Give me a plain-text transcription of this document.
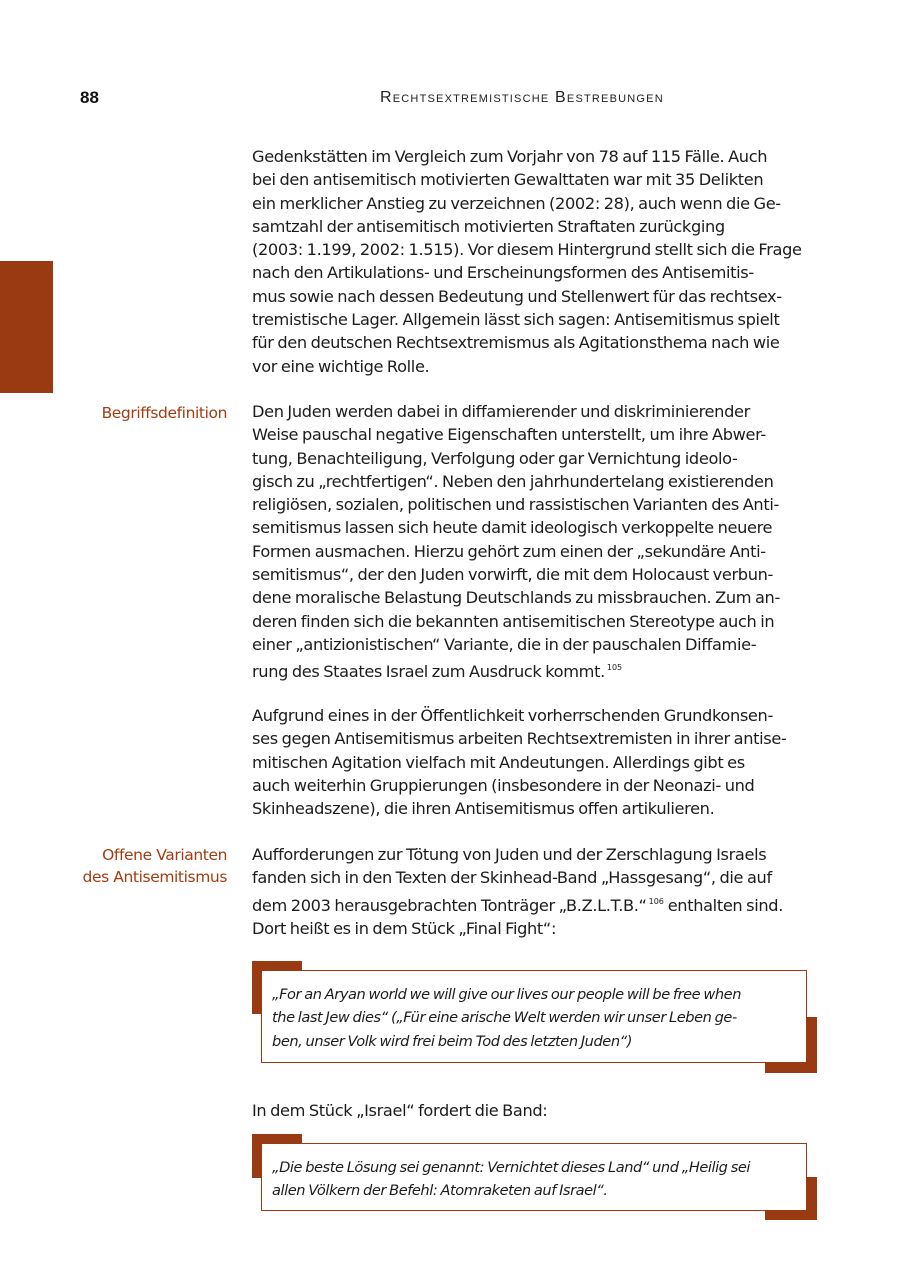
88	Rechtsextremistische Bestrebungen
Gedenkstätten im Vergleich zum Vorjahr von 78 auf 115 Fälle. Auch
bei den antisemitisch motivierten Gewalttaten war mit 35 Delikten
ein merklicher Anstieg zu verzeichnen (2002: 28), auch wenn die Ge-
samtzahl der antisemitisch motivierten Straftaten zurückging
(2003: 1.199, 2002: 1.515). Vor diesem Hintergrund stellt sich die Frage
nach den Artikulations- und Erscheinungsformen des Antisemitis-
mus sowie nach dessen Bedeutung und Stellenwert für das rechtsex-
tremistische Lager. Allgemein lässt sich sagen: Antisemitismus spielt
für den deutschen Rechtsextremismus als Agitationsthema nach wie
vor eine wichtige Rolle.
Begriffsdefinition Den Juden werden dabei in diffamierender und diskriminierender
Weise pauschal negative Eigenschaften unterstellt, um ihre Abwer-
tung, Benachteiligung, Verfolgung oder gar Vernichtung ideolo-
gisch zu „rechtfertigen“. Neben den jahrhundertelang existierenden
religiösen, sozialen, politischen und rassistischen Varianten des Anti-
semitismus lassen sich heute damit ideologisch verkoppelte neuere
Formen ausmachen. Hierzu gehört zum einen der „sekundäre Anti-
semitismus“, der den Juden vorwirft, die mit dem Holocaust verbun-
dene moralische Belastung Deutschlands zu missbrauchen. Zum an-
deren finden sich die bekannten antisemitischen Stereotype auch in
einer „antizionistischen“ Variante, die in der pauschalen Diffamie-
rung des Staates Israel zum Ausdruck kommt. $^{105}$
Aufgrund eines in der Öffentlichkeit vorherrschenden Grundkonsen-
ses gegen Antisemitismus arbeiten Rechtsextremisten in ihrer antise-
mitischen Agitation vielfach mit Andeutungen. Allerdings gibt es
auch weiterhin Gruppierungen (insbesondere in der Neonazi- und
Skinheadszene), die ihren Antisemitismus offen artikulieren.
Offene Varianten
des Antisemitismus
Aufforderungen zur Tötung von Juden und der Zerschlagung Israels
fanden sich in den Texten der Skinhead-Band „Hassgesang“, die auf
dem 2003 herausgebrachten Tonträger „B.Z.L.T.B.“ $^{106}$ enthalten sind.
Dort heißt es in dem Stück „Final Fight“:
„For an Aryan world we will give our lives our people will be free when
the last Jew dies“ („Für eine arische Welt werden wir unser Leben ge-
ben, unser Volk wird frei beim Tod des letzten Juden“)
In dem Stück „Israel“ fordert die Band:
„Die beste Lösung sei genannt: Vernichtet dieses Land“ und „Heilig sei
allen Völkern der Befehl: Atomraketen auf Israel“.
